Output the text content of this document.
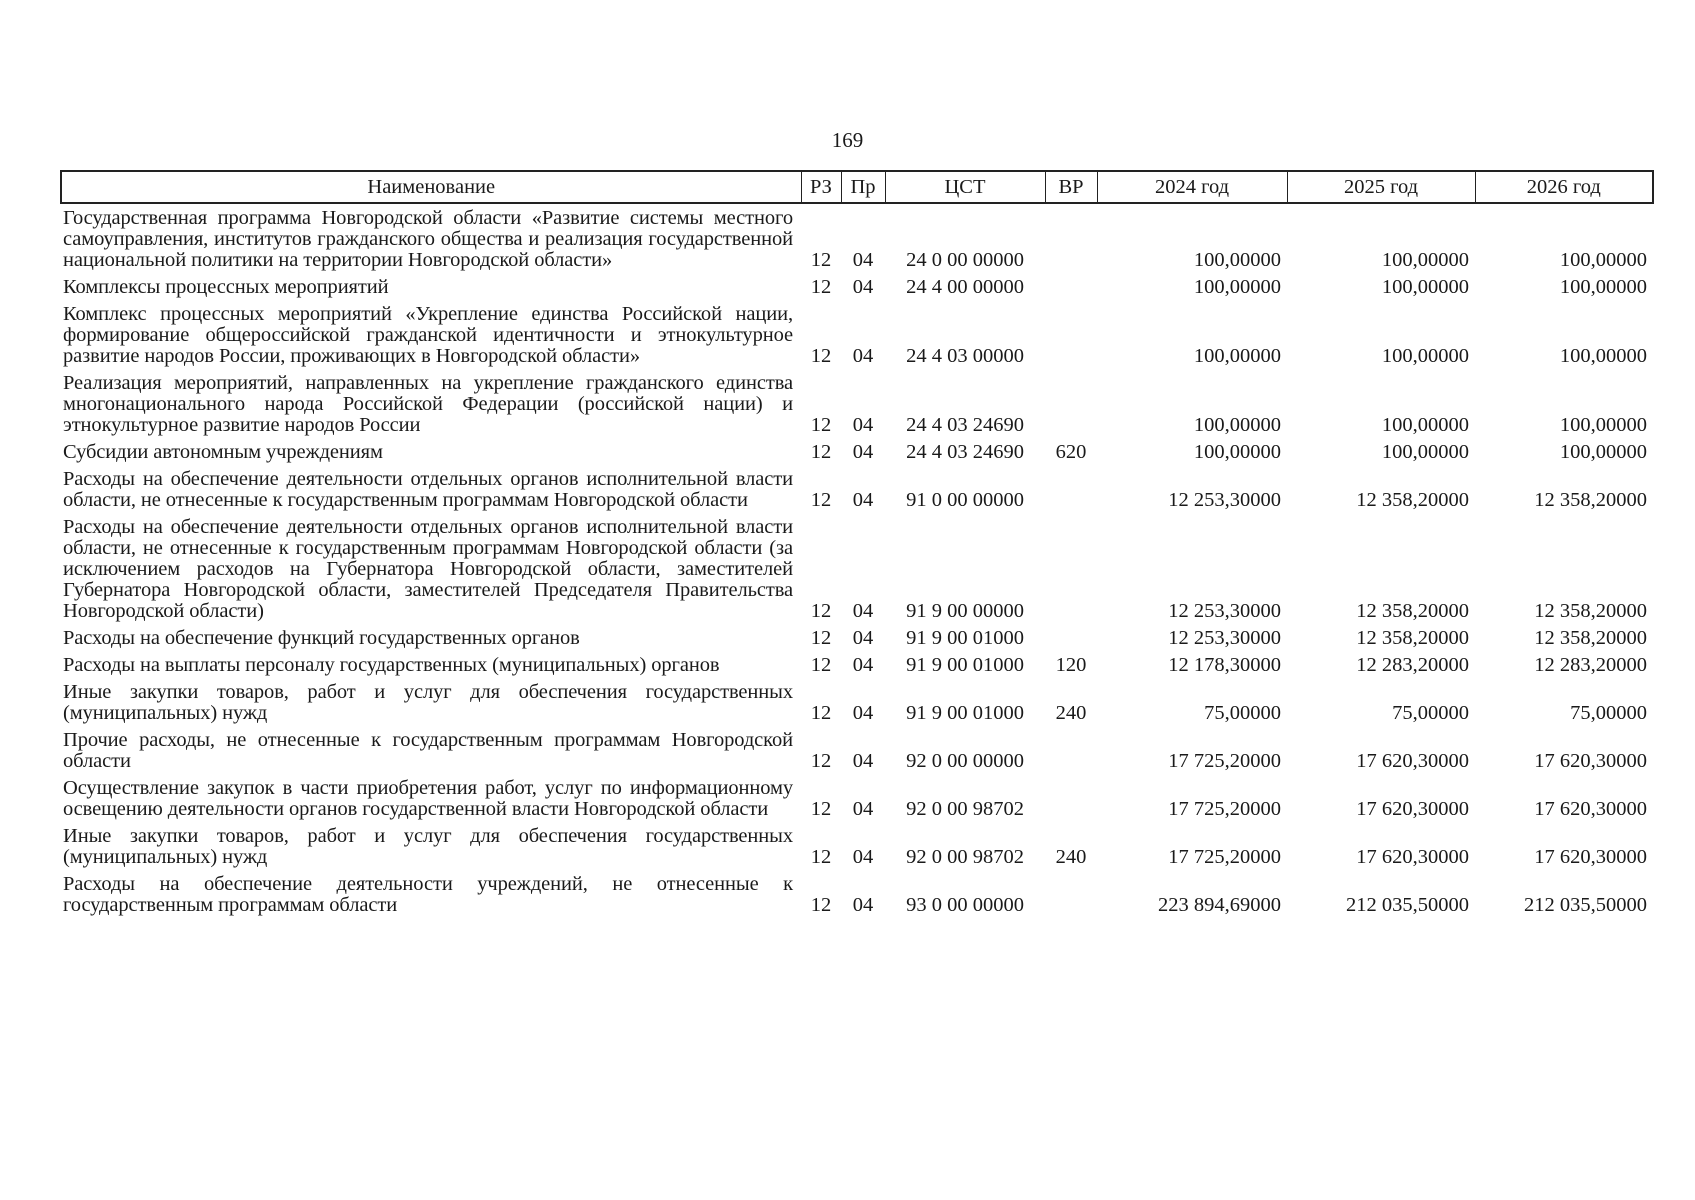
169
Наименование	РЗ	Пр	ЦСТ	ВР	2024 год	2025 год	2026 год
Государственная программа Новгородской области «Развитие системы местного самоуправления, институтов гражданского общества и реализация государственной национальной политики на территории Новгородской области»	12	04	24 0 00 00000		100,00000	100,00000	100,00000
Комплексы процессных мероприятий	12	04	24 4 00 00000		100,00000	100,00000	100,00000
Комплекс процессных мероприятий «Укрепление единства Российской нации, формирование общероссийской гражданской идентичности и этнокультурное развитие народов России, проживающих в Новгородской области»	12	04	24 4 03 00000		100,00000	100,00000	100,00000
Реализация мероприятий, направленных на укрепление гражданского единства многонационального народа Российской Федерации (российской нации) и этнокультурное развитие народов России	12	04	24 4 03 24690		100,00000	100,00000	100,00000
Субсидии автономным учреждениям	12	04	24 4 03 24690	620	100,00000	100,00000	100,00000
Расходы на обеспечение деятельности отдельных органов исполнительной власти области, не отнесенные к государственным программам Новгородской области	12	04	91 0 00 00000		12 253,30000	12 358,20000	12 358,20000
Расходы на обеспечение деятельности отдельных органов исполнительной власти области, не отнесенные к государственным программам Новгородской области (за исключением расходов на Губернатора Новгородской области, заместителей Губернатора Новгородской области, заместителей Председателя Правительства Новгородской области)	12	04	91 9 00 00000		12 253,30000	12 358,20000	12 358,20000
Расходы на обеспечение функций государственных органов	12	04	91 9 00 01000		12 253,30000	12 358,20000	12 358,20000
Расходы на выплаты персоналу государственных (муниципальных) органов	12	04	91 9 00 01000	120	12 178,30000	12 283,20000	12 283,20000
Иные закупки товаров, работ и услуг для обеспечения государственных (муниципальных) нужд	12	04	91 9 00 01000	240	75,00000	75,00000	75,00000
Прочие расходы, не отнесенные к государственным программам Новгородской области	12	04	92 0 00 00000		17 725,20000	17 620,30000	17 620,30000
Осуществление закупок в части приобретения работ, услуг по информационному освещению деятельности органов государственной власти Новгородской области	12	04	92 0 00 98702		17 725,20000	17 620,30000	17 620,30000
Иные закупки товаров, работ и услуг для обеспечения государственных (муниципальных) нужд	12	04	92 0 00 98702	240	17 725,20000	17 620,30000	17 620,30000
Расходы на обеспечение деятельности учреждений, не отнесенные к государственным программам области	12	04	93 0 00 00000		223 894,69000	212 035,50000	212 035,50000
